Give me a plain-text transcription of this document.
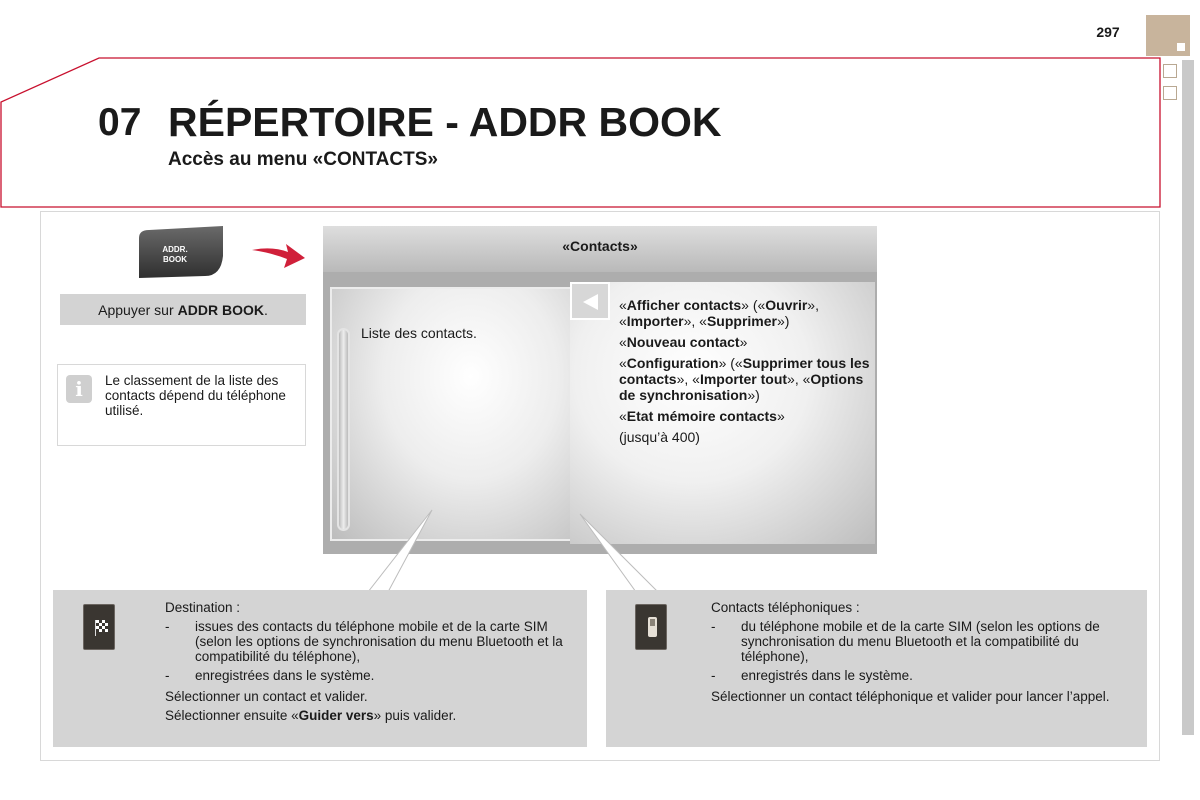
297
07 RÉPERTOIRE - ADDR BOOK
Accès au menu «CONTACTS»
ADDR.
BOOK
Appuyer sur ADDR BOOK .
i	Le classement de la liste des contacts dépend du téléphone utilisé.
«Contacts»
Liste des contacts.

«Afficher contacts» («Ouvrir», «Importer», «Supprimer»)

«Nouveau contact»

«Configuration» («Supprimer tous les contacts», «Importer tout», «Options de synchronisation»)

«Etat mémoire contacts»

(jusqu’à 400)

Destination :
-	issues des contacts du téléphone mobile et de la carte SIM (selon les options de synchronisation du menu Bluetooth et la compatibilité du téléphone),
-	enregistrées dans le système.
Sélectionner un contact et valider.
Sélectionner ensuite «Guider vers» puis valider.
Contacts téléphoniques :
-	du téléphone mobile et de la carte SIM (selon les options de synchronisation du menu Bluetooth et la compatibilité du téléphone),
-	enregistrés dans le système.
Sélectionner un contact téléphonique et valider pour lancer l’appel.
